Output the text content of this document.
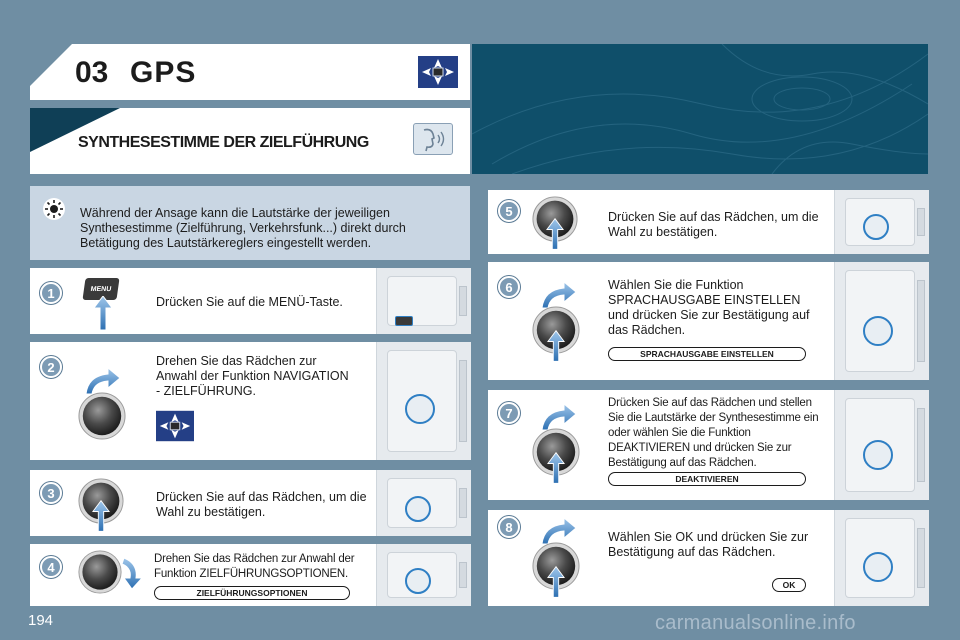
03 GPS
SYNTHESESTIMME DER ZIELFÜHRUNG
Während der Ansage kann die Lautstärke der jeweiligen Synthesestimme (Zielführung, Verkehrsfunk...) direkt durch Betätigung des Lautstärkereglers eingestellt werden.
1	MENU
Drücken Sie auf die MENÜ-Taste.
2	Drehen Sie das Rädchen zur Anwahl der Funktion NAVIGATION - ZIELFÜHRUNG.
3	Drücken Sie auf das Rädchen, um die Wahl zu bestätigen.
4
Drehen Sie das Rädchen zur Anwahl der Funktion ZIELFÜHRUNGSOPTIONEN.
ZIELFÜHRUNGSOPTIONEN
5	Drücken Sie auf das Rädchen, um die Wahl zu bestätigen.
6	Wählen Sie die Funktion SPRACHAUSGABE EINSTELLEN und drücken Sie zur Bestätigung auf das Rädchen.
SPRACHAUSGABE EINSTELLEN
7
Drücken Sie auf das Rädchen und stellen Sie die Lautstärke der Synthesestimme ein oder wählen Sie die Funktion DEAKTIVIEREN und drücken Sie zur Bestätigung auf das Rädchen.
DEAKTIVIEREN
8
Wählen Sie OK und drücken Sie zur Bestätigung auf das Rädchen.
OK
194	carmanualsonline.info
